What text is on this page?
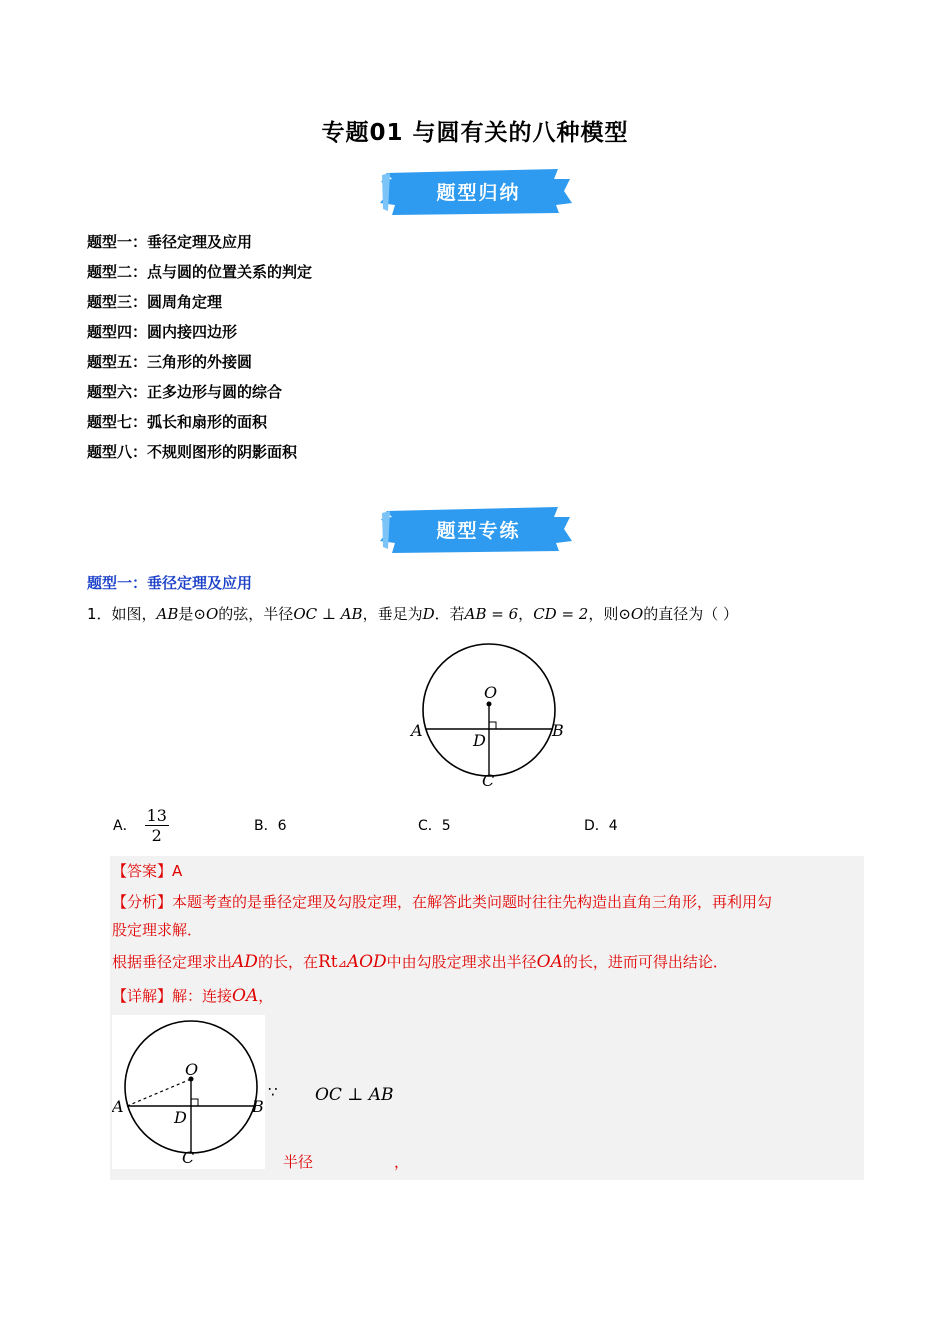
专题01 与圆有关的八种模型
题型归纳
题型一：垂径定理及应用
题型二：点与圆的位置关系的判定
题型三：圆周角定理
题型四：圆内接四边形
题型五：三角形的外接圆
题型六：正多边形与圆的综合
题型七：弧长和扇形的面积
题型八：不规则图形的阴影面积
题型专练
题型一：垂径定理及应用
1．如图，AB是⊙O的弦，半径OC ⊥ AB，垂足为D．若AB = 6，CD = 2，则⊙O的直径为（ ）
O
A	B
D
C
A． $\frac{13}{2}$	B．6	C．5	D．4
【答案】A
【分析】本题考查的是垂径定理及勾股定理，在解答此类问题时往往先构造出直角三角形，再利用勾
股定理求解．
根据垂径定理求出AD的长，在Rt⊿AOD中由勾股定理求出半径OA的长，进而可得出结论．
【详解】解：连接OA，
O
A	B
D
C
∵ OC ⊥ AB
半径	，
